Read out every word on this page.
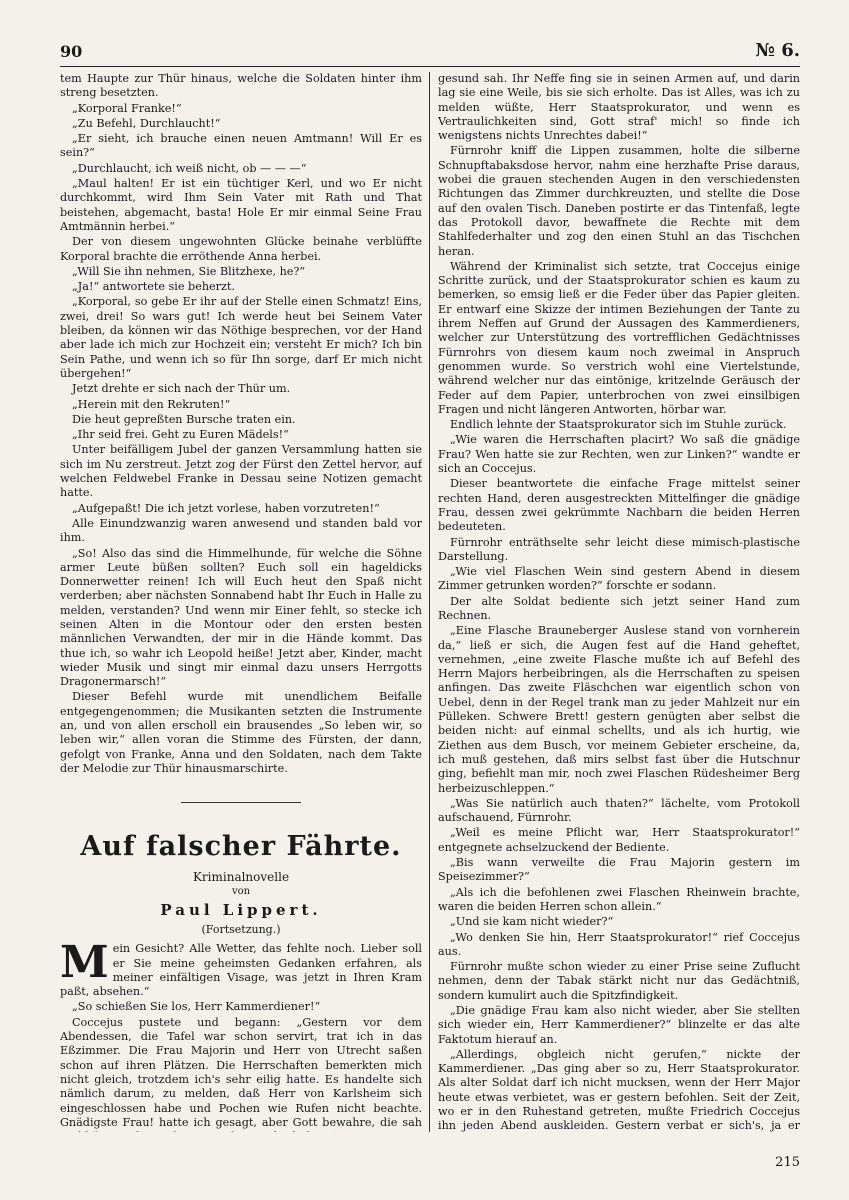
90	№ 6.

tem Haupte zur Thür hinaus, welche die Soldaten hinter ihm streng besetzten.

„Korporal Franke!“

„Zu Befehl, Durchlaucht!“

„Er sieht, ich brauche einen neuen Amtmann! Will Er es sein?“

„Durchlaucht, ich weiß nicht, ob — — —“

„Maul halten! Er ist ein tüchtiger Kerl, und wo Er nicht durchkommt, wird Ihm Sein Vater mit Rath und That beistehen, abgemacht, basta! Hole Er mir einmal Seine Frau Amtmännin herbei.“

Der von diesem ungewohnten Glücke beinahe verblüffte Korporal brachte die erröthende Anna herbei.

„Will Sie ihn nehmen, Sie Blitzhexe, he?“

„Ja!“ antwortete sie beherzt.

„Korporal, so gebe Er ihr auf der Stelle einen Schmatz! Eins, zwei, drei! So wars gut! Ich werde heut bei Seinem Vater bleiben, da können wir das Nöthige besprechen, vor der Hand aber lade ich mich zur Hochzeit ein; versteht Er mich? Ich bin Sein Pathe, und wenn ich so für Ihn sorge, darf Er mich nicht übergehen!“

Jetzt drehte er sich nach der Thür um.

„Herein mit den Rekruten!“

Die heut gepreßten Bursche traten ein.

„Ihr seid frei. Geht zu Euren Mädels!“

Unter beifälligem Jubel der ganzen Versammlung hatten sie sich im Nu zerstreut. Jetzt zog der Fürst den Zettel hervor, auf welchen Feldwebel Franke in Dessau seine Notizen gemacht hatte.

„Aufgepaßt! Die ich jetzt vorlese, haben vorzutreten!“

Alle Einundzwanzig waren anwesend und standen bald vor ihm.

„So! Also das sind die Himmelhunde, für welche die Söhne armer Leute büßen sollten? Euch soll ein hageldicks Donnerwetter reinen! Ich will Euch heut den Spaß nicht verderben; aber nächsten Sonnabend habt Ihr Euch in Halle zu melden, verstanden? Und wenn mir Einer fehlt, so stecke ich seinen Alten in die Montour oder den ersten besten männlichen Verwandten, der mir in die Hände kommt. Das thue ich, so wahr ich Leopold heiße! Jetzt aber, Kinder, macht wieder Musik und singt mir einmal dazu unsers Herrgotts Dragonermarsch!“

Dieser Befehl wurde mit unendlichem Beifalle entgegengenommen; die Musikanten setzten die Instrumente an, und von allen erscholl ein brausendes „So leben wir, so leben wir,“ allen voran die Stimme des Fürsten, der dann, gefolgt von Franke, Anna und den Soldaten, nach dem Takte der Melodie zur Thür hinausmarschirte.

Auf falscher Fährte.
Kriminalnovelle
von
Paul Lippert.
(Fortsetzung.)

Mein Gesicht? Alle Wetter, das fehlte noch. Lieber soll er Sie meine geheimsten Gedanken erfahren, als meiner einfältigen Visage, was jetzt in Ihren Kram paßt, absehen.“

„So schießen Sie los, Herr Kammerdiener!“

Coccejus pustete und begann: „Gestern vor dem Abendessen, die Tafel war schon servirt, trat ich in das Eßzimmer. Die Frau Majorin und Herr von Utrecht saßen schon auf ihren Plätzen. Die Herrschaften bemerkten mich nicht gleich, trotzdem ich's sehr eilig hatte. Es handelte sich nämlich darum, zu melden, daß Herr von Karlsheim sich eingeschlossen habe und Pochen wie Rufen nicht beachte. Gnädigste Frau! hatte ich gesagt, aber Gott bewahre, die sah

gesund sah. Ihr Neffe fing sie in seinen Armen auf, und darin lag sie eine Weile, bis sie sich erholte. Das ist Alles, was ich zu melden wüßte, Herr Staatsprokurator, und wenn es Vertraulichkeiten sind, Gott straf' mich! so finde ich wenigstens nichts Unrechtes dabei!“

Fürnrohr kniff die Lippen zusammen, holte die silberne Schnupftabaksdose hervor, nahm eine herzhafte Prise daraus, wobei die grauen stechenden Augen in den verschiedensten Richtungen das Zimmer durchkreuzten, und stellte die Dose auf den ovalen Tisch. Daneben postirte er das Tintenfaß, legte das Protokoll davor, bewaffnete die Rechte mit dem Stahlfederhalter und zog den einen Stuhl an das Tischchen heran.

Während der Kriminalist sich setzte, trat Coccejus einige Schritte zurück, und der Staatsprokurator schien es kaum zu bemerken, so emsig ließ er die Feder über das Papier gleiten. Er entwarf eine Skizze der intimen Beziehungen der Tante zu ihrem Neffen auf Grund der Aussagen des Kammerdieners, welcher zur Unterstützung des vortrefflichen Gedächtnisses Fürnrohrs von diesem kaum noch zweimal in Anspruch genommen wurde. So verstrich wohl eine Viertelstunde, während welcher nur das eintönige, kritzelnde Geräusch der Feder auf dem Papier, unterbrochen von zwei einsilbigen Fragen und nicht längeren Antworten, hörbar war.

Endlich lehnte der Staatsprokurator sich im Stuhle zurück.

„Wie waren die Herrschaften placirt? Wo saß die gnädige Frau? Wen hatte sie zur Rechten, wen zur Linken?“ wandte er sich an Coccejus.

Dieser beantwortete die einfache Frage mittelst seiner rechten Hand, deren ausgestreckten Mittelfinger die gnädige Frau, dessen zwei gekrümmte Nachbarn die beiden Herren bedeuteten.

Fürnrohr enträthselte sehr leicht diese mimisch-plastische Darstellung.

„Wie viel Flaschen Wein sind gestern Abend in diesem Zimmer getrunken worden?“ forschte er sodann.

Der alte Soldat bediente sich jetzt seiner Hand zum Rechnen.

„Eine Flasche Brauneberger Auslese stand von vornherein da,“ ließ er sich, die Augen fest auf die Hand geheftet, vernehmen, „eine zweite Flasche mußte ich auf Befehl des Herrn Majors herbeibringen, als die Herrschaften zu speisen anfingen. Das zweite Fläschchen war eigentlich schon von Uebel, denn in der Regel trank man zu jeder Mahlzeit nur ein Pülleken. Schwere Brett! gestern genügten aber selbst die beiden nicht: auf einmal schellts, und als ich hurtig, wie Ziethen aus dem Busch, vor meinem Gebieter erscheine, da, ich muß gestehen, daß mirs selbst fast über die Hutschnur ging, befiehlt man mir, noch zwei Flaschen Rüdesheimer Berg herbeizuschleppen.“

„Was Sie natürlich auch thaten?“ lächelte, vom Protokoll aufschauend, Fürnrohr.

„Weil es meine Pflicht war, Herr Staatsprokurator!“ entgegnete achselzuckend der Bediente.

„Bis wann verweilte die Frau Majorin gestern im Speisezimmer?“

„Als ich die befohlenen zwei Flaschen Rheinwein brachte, waren die beiden Herren schon allein.“

„Und sie kam nicht wieder?“

„Wo denken Sie hin, Herr Staatsprokurator!“ rief Coccejus aus.

Fürnrohr mußte schon wieder zu einer Prise seine Zuflucht nehmen, denn der Tabak stärkt nicht nur das Gedächtniß, sondern kumulirt auch die Spitzfindigkeit.

„Die gnädige Frau kam also nicht wieder, aber Sie stellten sich wieder ein, Herr Kammerdiener?“ blinzelte er das alte Faktotum hierauf an.

„Allerdings, obgleich nicht gerufen,“ nickte der Kammerdiener. „Das ging aber so zu, Herr Staatsprokurator. Als alter Soldat darf ich nicht mucksen, wenn der Herr Major heute etwas verbietet, was er gestern befohlen. Seit der Zeit, wo er in den Ruhestand getreten, mußte Friedrich Coccejus ihn jeden Abend auskleiden. Gestern verbat er sich's, ja er

215
